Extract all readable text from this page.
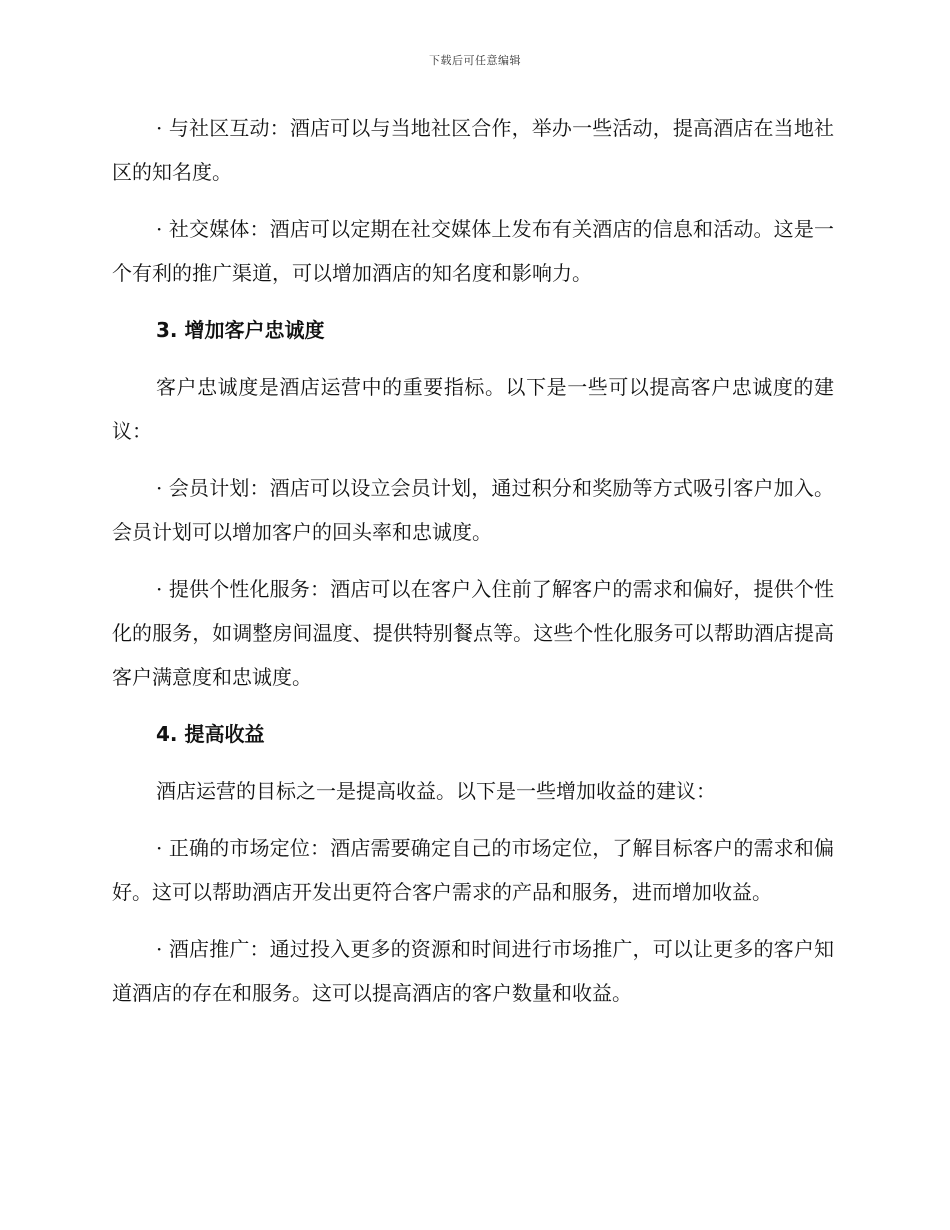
下载后可任意编辑

· 与社区互动：酒店可以与当地社区合作，举办一些活动，提高酒店在当地社区的知名度。

· 社交媒体：酒店可以定期在社交媒体上发布有关酒店的信息和活动。这是一个有利的推广渠道，可以增加酒店的知名度和影响力。

3. 增加客户忠诚度

客户忠诚度是酒店运营中的重要指标。以下是一些可以提高客户忠诚度的建议：

· 会员计划：酒店可以设立会员计划，通过积分和奖励等方式吸引客户加入。会员计划可以增加客户的回头率和忠诚度。

· 提供个性化服务：酒店可以在客户入住前了解客户的需求和偏好，提供个性化的服务，如调整房间温度、提供特别餐点等。这些个性化服务可以帮助酒店提高客户满意度和忠诚度。

4. 提高收益

酒店运营的目标之一是提高收益。以下是一些增加收益的建议：

· 正确的市场定位：酒店需要确定自己的市场定位，了解目标客户的需求和偏好。这可以帮助酒店开发出更符合客户需求的产品和服务，进而增加收益。

· 酒店推广：通过投入更多的资源和时间进行市场推广，可以让更多的客户知道酒店的存在和服务。这可以提高酒店的客户数量和收益。
